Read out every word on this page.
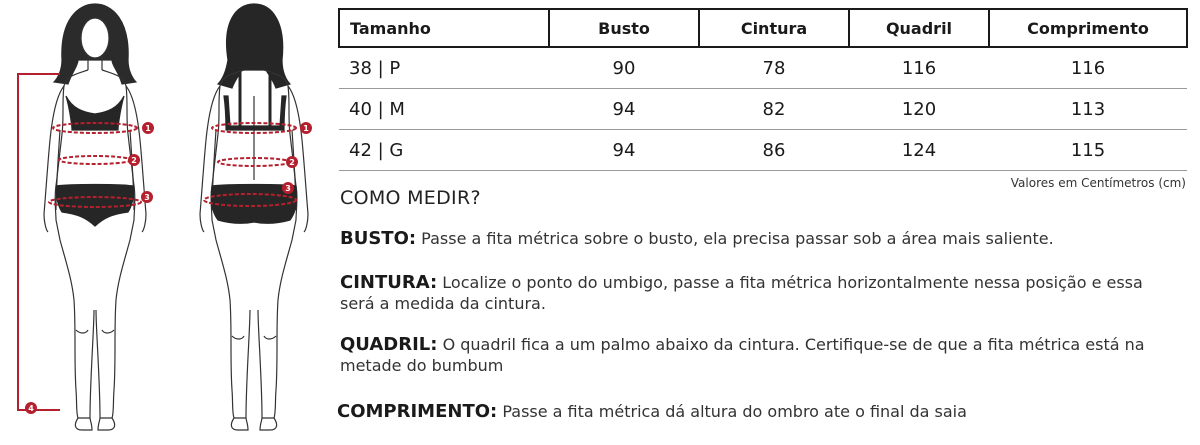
1
2
3
4
1
2
3
Tamanho	Busto	Cintura	Quadril	Comprimento
38 | P	90	78	116	116
40 | M	94	82	120	113
42 | G	94	86	124	115
Valores em Centímetros (cm)
COMO MEDIR?
BUSTO: Passe a fita métrica sobre o busto, ela precisa passar sob a área mais saliente.
CINTURA: Localize o ponto do umbigo, passe a fita métrica horizontalmente nessa posição e essa será a medida da cintura.
QUADRIL: O quadril fica a um palmo abaixo da cintura. Certifique-se de que a fita métrica está na metade do bumbum
COMPRIMENTO: Passe a fita métrica dá altura do ombro ate o final da saia
